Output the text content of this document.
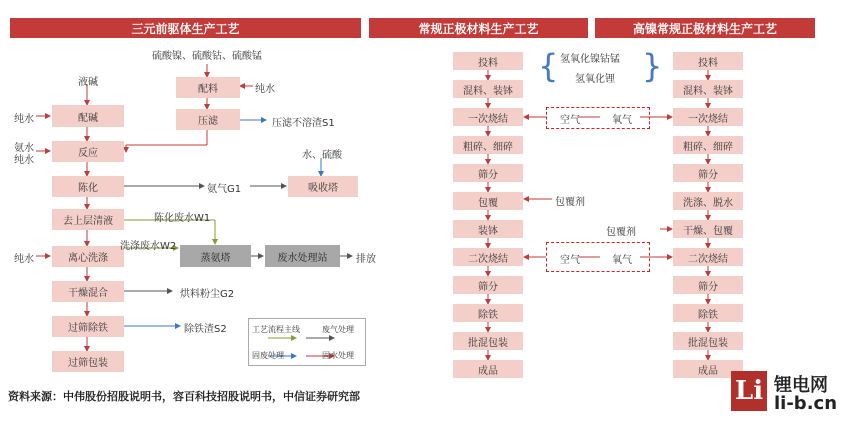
三元前驱体生产工艺	常规正极材料生产工艺	高镍常规正极材料生产工艺
硫酸镍、硫酸钴、硫酸锰
液碱
纯水
氨水
纯水
纯水
纯水
水、硫酸
配料
压滤
配碱
反应
陈化
去上层清液
离心洗涤
干燥混合
过筛除铁
过筛包装
吸收塔
蒸氨塔	废水处理站
压滤不溶渣S1
氨气G1
陈化废水W1
洗涤废水W2
排放
烘料粉尘G2
除铁渣S2	工艺流程主线	废气处理
固废处理	固水处理
投料
混料、装钵
一次烧结
粗碎、细碎
筛分
包覆
装钵
二次烧结
筛分
除铁
批混包装
成品
{ 氢氧化镍钴锰
氢氧化锂 }
空气	氧气
包覆剂
空气	氧气
包覆剂
投料
混料、装钵
一次烧结
粗碎、细碎
筛分
洗涤、脱水
干燥、包覆
二次烧结
筛分
除铁
批混包装
成品
资料来源：中伟股份招股说明书，容百科技招股说明书，中信证券研究部	Li 锂电网
li-b.cn
